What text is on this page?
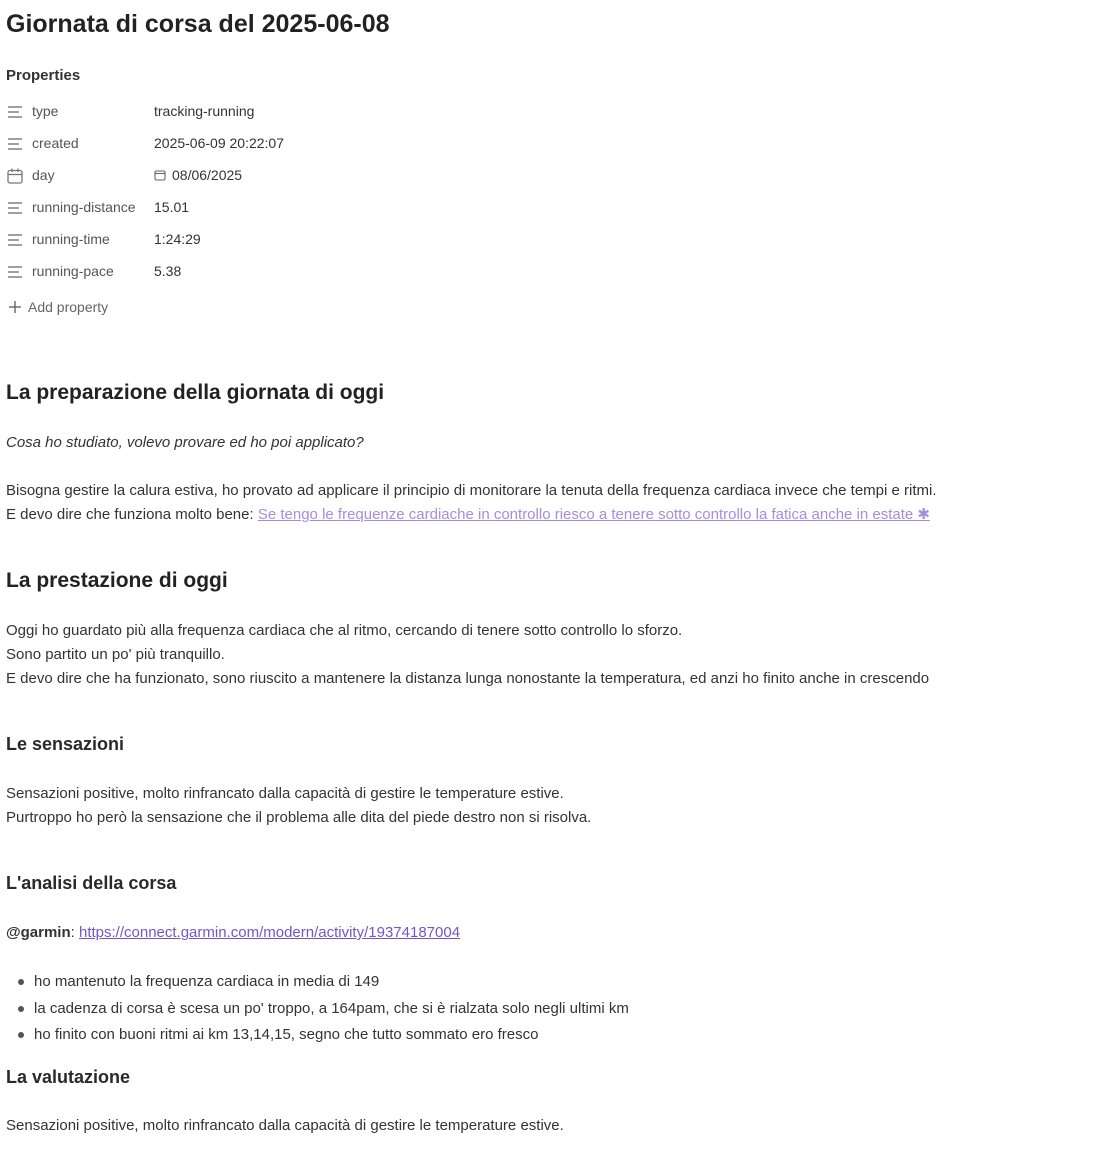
Giornata di corsa del 2025-06-08
Properties
type	tracking-running
created	2025-06-09 20:22:07
day	08/06/2025
running-distance 15.01
running-time	1:24:29
running-pace	5.38
Add property
La preparazione della giornata di oggi
Cosa ho studiato, volevo provare ed ho poi applicato?
Bisogna gestire la calura estiva, ho provato ad applicare il principio di monitorare la tenuta della frequenza cardiaca invece che tempi e ritmi.
E devo dire che funziona molto bene: Se tengo le frequenze cardiache in controllo riesco a tenere sotto controllo la fatica anche in estate ✱
La prestazione di oggi
Oggi ho guardato più alla frequenza cardiaca che al ritmo, cercando di tenere sotto controllo lo sforzo.
Sono partito un po' più tranquillo.
E devo dire che ha funzionato, sono riuscito a mantenere la distanza lunga nonostante la temperatura, ed anzi ho finito anche in crescendo
Le sensazioni
Sensazioni positive, molto rinfrancato dalla capacità di gestire le temperature estive.
Purtroppo ho però la sensazione che il problema alle dita del piede destro non si risolva.
L'analisi della corsa
@garmin: https://connect.garmin.com/modern/activity/19374187004
ho mantenuto la frequenza cardiaca in media di 149
la cadenza di corsa è scesa un po' troppo, a 164pam, che si è rialzata solo negli ultimi km
ho finito con buoni ritmi ai km 13,14,15, segno che tutto sommato ero fresco
La valutazione
Sensazioni positive, molto rinfrancato dalla capacità di gestire le temperature estive.
